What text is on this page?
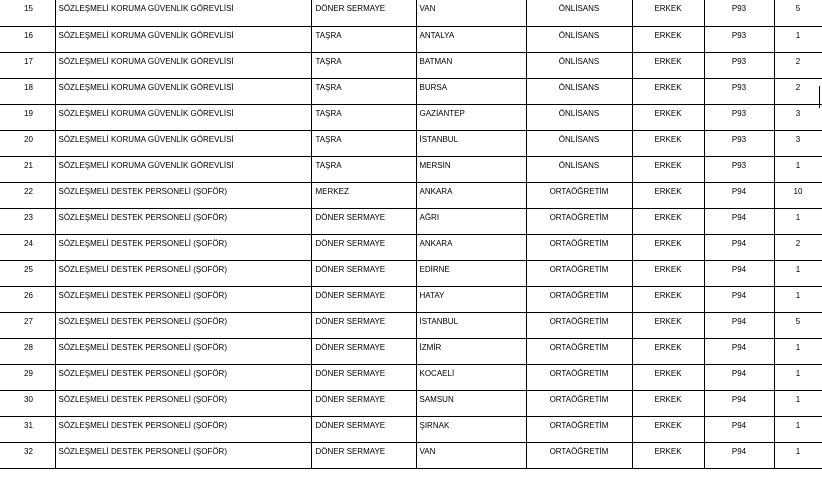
15	SÖZLEŞMELİ KORUMA GÜVENLİK GÖREVLİSİ	DÖNER SERMAYE	VAN	ÖNLİSANS	ERKEK	P93	5
16	SÖZLEŞMELİ KORUMA GÜVENLİK GÖREVLİSİ	TAŞRA	ANTALYA	ÖNLİSANS	ERKEK	P93	1
17	SÖZLEŞMELİ KORUMA GÜVENLİK GÖREVLİSİ	TAŞRA	BATMAN	ÖNLİSANS	ERKEK	P93	2
18	SÖZLEŞMELİ KORUMA GÜVENLİK GÖREVLİSİ	TAŞRA	BURSA	ÖNLİSANS	ERKEK	P93	2
19	SÖZLEŞMELİ KORUMA GÜVENLİK GÖREVLİSİ	TAŞRA	GAZİANTEP	ÖNLİSANS	ERKEK	P93	3
20	SÖZLEŞMELİ KORUMA GÜVENLİK GÖREVLİSİ	TAŞRA	İSTANBUL	ÖNLİSANS	ERKEK	P93	3
21	SÖZLEŞMELİ KORUMA GÜVENLİK GÖREVLİSİ	TAŞRA	MERSİN	ÖNLİSANS	ERKEK	P93	1
22	SÖZLEŞMELİ DESTEK PERSONELİ (ŞOFÖR)	MERKEZ	ANKARA	ORTAÖĞRETİM	ERKEK	P94	10
23	SÖZLEŞMELİ DESTEK PERSONELİ (ŞOFÖR)	DÖNER SERMAYE	AĞRI	ORTAÖĞRETİM	ERKEK	P94	1
24	SÖZLEŞMELİ DESTEK PERSONELİ (ŞOFÖR)	DÖNER SERMAYE	ANKARA	ORTAÖĞRETİM	ERKEK	P94	2
25	SÖZLEŞMELİ DESTEK PERSONELİ (ŞOFÖR)	DÖNER SERMAYE	EDİRNE	ORTAÖĞRETİM	ERKEK	P94	1
26	SÖZLEŞMELİ DESTEK PERSONELİ (ŞOFÖR)	DÖNER SERMAYE	HATAY	ORTAÖĞRETİM	ERKEK	P94	1
27	SÖZLEŞMELİ DESTEK PERSONELİ (ŞOFÖR)	DÖNER SERMAYE	İSTANBUL	ORTAÖĞRETİM	ERKEK	P94	5
28	SÖZLEŞMELİ DESTEK PERSONELİ (ŞOFÖR)	DÖNER SERMAYE	İZMİR	ORTAÖĞRETİM	ERKEK	P94	1
29	SÖZLEŞMELİ DESTEK PERSONELİ (ŞOFÖR)	DÖNER SERMAYE	KOCAELİ	ORTAÖĞRETİM	ERKEK	P94	1
30	SÖZLEŞMELİ DESTEK PERSONELİ (ŞOFÖR)	DÖNER SERMAYE	SAMSUN	ORTAÖĞRETİM	ERKEK	P94	1
31	SÖZLEŞMELİ DESTEK PERSONELİ (ŞOFÖR)	DÖNER SERMAYE	ŞIRNAK	ORTAÖĞRETİM	ERKEK	P94	1
32	SÖZLEŞMELİ DESTEK PERSONELİ (ŞOFÖR)	DÖNER SERMAYE	VAN	ORTAÖĞRETİM	ERKEK	P94	1
